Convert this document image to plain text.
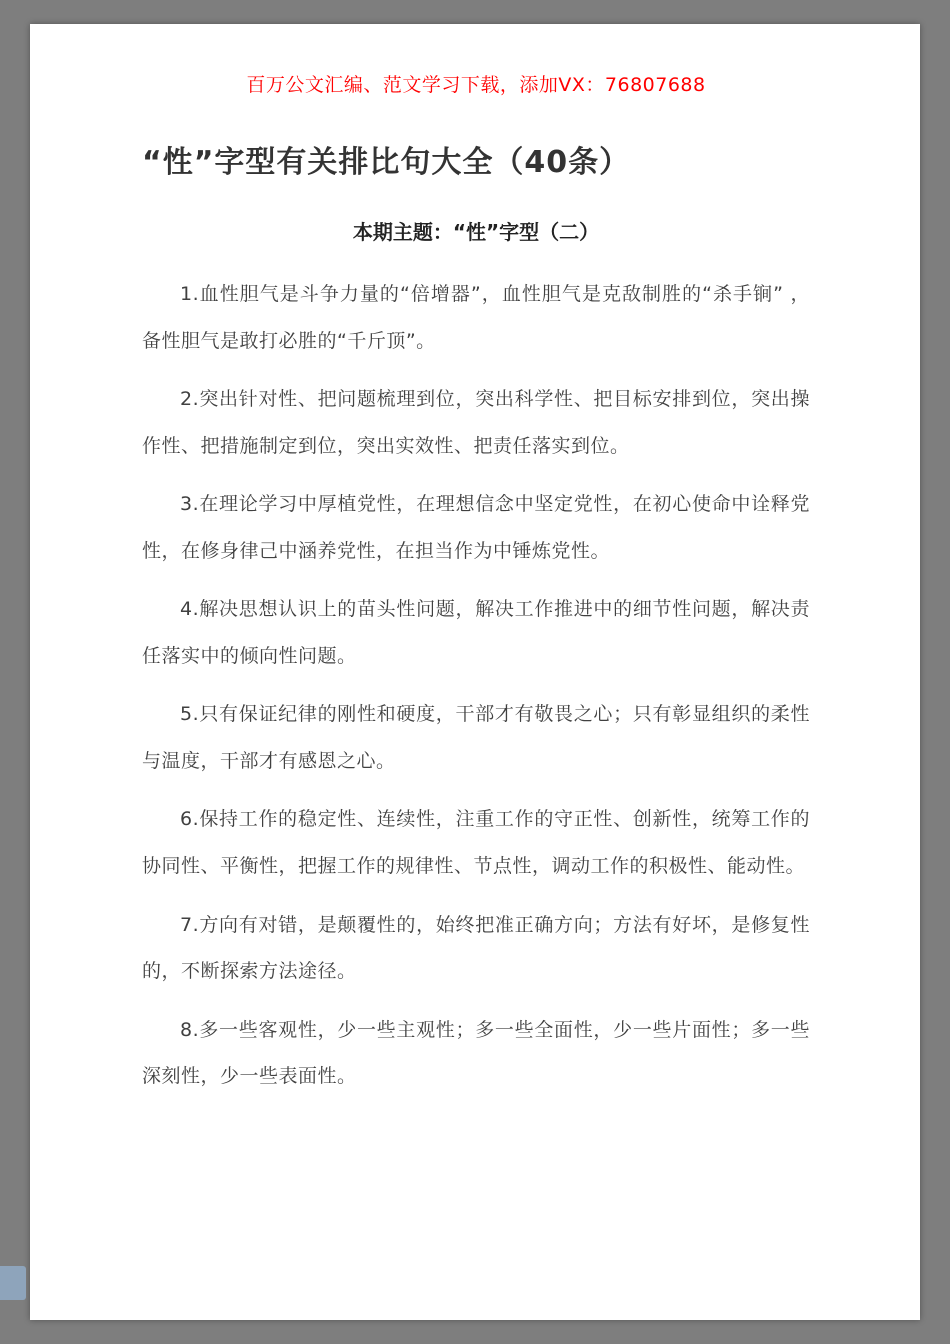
百万公文汇编、范文学习下载，添加VX：76807688
“性”字型有关排比句大全（40条）
本期主题：“性”字型（二）

1.血性胆气是斗争力量的“倍增器”，血性胆气是克敌制胜的“杀手锏” ，备性胆气是敢打必胜的“千斤顶”。

2.突出针对性、把问题梳理到位，突出科学性、把目标安排到位，突出操作性、把措施制定到位，突出实效性、把责任落实到位。

3.在理论学习中厚植党性，在理想信念中坚定党性，在初心使命中诠释党性，在修身律己中涵养党性，在担当作为中锤炼党性。

4.解决思想认识上的苗头性问题，解决工作推进中的细节性问题，解决责任落实中的倾向性问题。

5.只有保证纪律的刚性和硬度，干部才有敬畏之心；只有彰显组织的柔性与温度，干部才有感恩之心。

6.保持工作的稳定性、连续性，注重工作的守正性、创新性，统筹工作的协同性、平衡性，把握工作的规律性、节点性，调动工作的积极性、能动性。

7.方向有对错，是颠覆性的，始终把准正确方向；方法有好坏，是修复性的，不断探索方法途径。

8.多一些客观性，少一些主观性；多一些全面性，少一些片面性；多一些深刻性，少一些表面性。
